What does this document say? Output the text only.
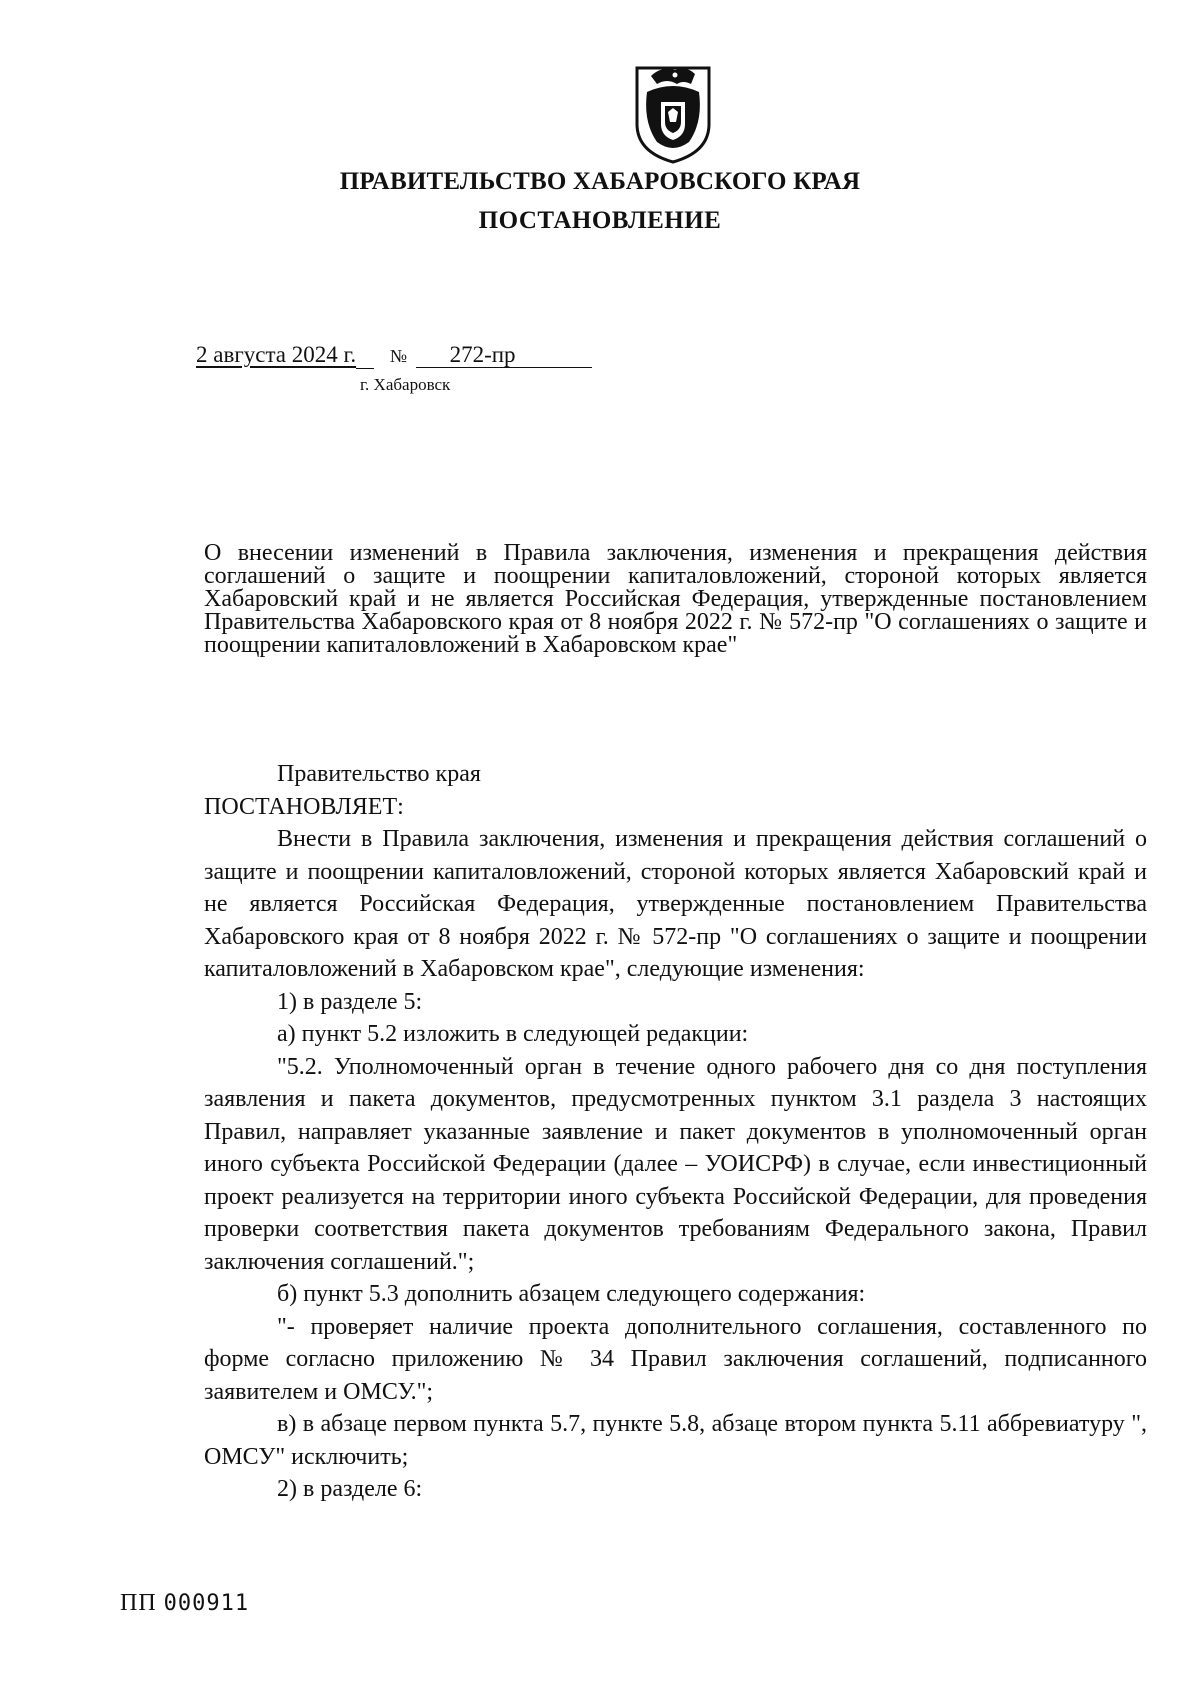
ПРАВИТЕЛЬСТВО ХАБАРОВСКОГО КРАЯ
ПОСТАНОВЛЕНИЕ
2 августа 2024 г. № 272-пр
г. Хабаровск
О внесении изменений в Правила заключения, изменения и прекращения действия соглашений о защите и поощрении капиталовложений, стороной которых является Хабаровский край и не является Российская Федерация, утвержденные постановлением Правительства Хабаровского края от 8 ноября 2022 г. № 572-пр "О соглашениях о защите и поощрении капиталовложений в Хабаровском крае"

Правительство края

ПОСТАНОВЛЯЕТ:

Внести в Правила заключения, изменения и прекращения действия соглашений о защите и поощрении капиталовложений, стороной которых является Хабаровский край и не является Российская Федерация, утвержденные постановлением Правительства Хабаровского края от 8 ноября 2022 г. № 572-пр "О соглашениях о защите и поощрении капиталовложений в Хабаровском крае", следующие изменения:

1) в разделе 5:

а) пункт 5.2 изложить в следующей редакции:

"5.2. Уполномоченный орган в течение одного рабочего дня со дня поступления заявления и пакета документов, предусмотренных пунктом 3.1 раздела 3 настоящих Правил, направляет указанные заявление и пакет документов в уполномоченный орган иного субъекта Российской Федерации (далее – УОИСРФ) в случае, если инвестиционный проект реализуется на территории иного субъекта Российской Федерации, для проведения проверки соответствия пакета документов требованиям Федерального закона, Правил заключения соглашений.";

б) пункт 5.3 дополнить абзацем следующего содержания:

"- проверяет наличие проекта дополнительного соглашения, составленного по форме согласно приложению № 34 Правил заключения соглашений, подписанного заявителем и ОМСУ.";

в) в абзаце первом пункта 5.7, пункте 5.8, абзаце втором пункта 5.11 аббревиатуру ", ОМСУ" исключить;

2) в разделе 6:

ПП 000911
